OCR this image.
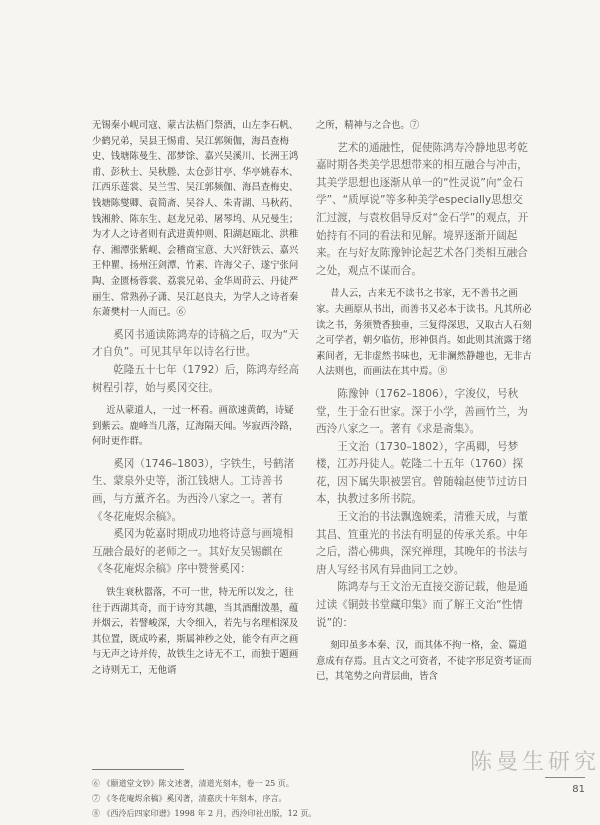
无锡秦小岘司寇、蒙古法梧门祭酒，山左李石帆、少鹤兄弟，吴县王惕甫、吴江郭频伽，海昌查梅史、钱塘陈曼生、邵梦馀、嘉兴吴溪川、长洲王鸿甫、彭秋士、吴秋塍、太仓彭甘亭、华亭姚春木、江西乐莲裳、吴兰雪、吴江郭频伽、海昌查梅史、钱塘陈燮卿、袁简斋、吴谷人、朱青湖、马秋药、钱湘舲、陈东生、赵龙兄弟、屠琴坞、从兄曼生；为才人之诗者则有武进黄仲则、阳湖赵瓯北、洪稚存、湘潭张紫岘、会稽商宝意、大兴舒铁云、嘉兴王仲瞿、扬州汪剑潭、竹素、许海父子、遂宁张问陶、金匮杨蓉裳、荔裳兄弟、金华周莳云、丹徒严丽生、常熟孙子潇、吴江赵良夫，为学人之诗者秦东萧樊村一人而已。⑥

奚冈书通读陈鸿寿的诗稿之后，叹为“天才自负”。可见其早年以诗名行世。

乾隆五十七年（1792）后，陈鸿寿经高树程引荐，始与奚冈交往。

近从蒙道人，一过一杯看。画欲速黄鹤，诗疑到紫云。鹿峰当几落，辽海隔天闻。岑寂西泠路，何时更作群。

奚冈（1746–1803），字铁生，号鹤渚生、蒙泉外史等，浙江钱塘人。工诗善书画，与方薰齐名。为西泠八家之一。著有《冬花庵烬余稿》。

奚冈为乾嘉时期成功地将诗意与画境相互融合最好的老师之一。其好友吴锡麒在《冬花庵烬余稿》序中赞誉奚冈：

铁生衰秋嚣落，不可一世，特无所以发之，往往于西湖其奇，而于诗穷其趣，当其酒酣泼墨，蕴并烟云，若譬峻深，大令细入，若先与名理相深及其位置，既成吟素，斯属神秒之处，能令有声之画与无声之诗并传，故铁生之诗无不工，而独于题画之诗则无工，无他谞

之所，精神与之合也。⑦

艺术的通融性，促使陈鸿寿冷静地思考乾嘉时期各类美学思想带来的相互融合与冲击，其美学思想也逐渐从单一的“性灵说”向“金石学”、“质厚说”等多种美学especially思想交汇过渡，与袁枚倡导反对“金石学”的观点，开始持有不同的看法和见解。境界逐渐开阔起来。在与好友陈豫钟论起艺术各门类相互融合之处，观点不谋而合。

昔人云，古来无不读书之书家，无不善书之画家。夫画原从书出，而善书又必本于读书。凡其所必读之书，务须赞香独垂，三复得深思，又取古人石刻之可学者，朝夕临仿，形神俱肖。如此则其流露于绪素间者，无非虚然书味也，无非澜然静趣也，无非古人法则也，而画法在其中焉。⑧

陈豫钟（1762–1806），字浚仪，号秋堂，生于金石世家。深于小学，善画竹兰，为西泠八家之一。著有《求是斋集》。

王文治（1730–1802），字禹卿，号梦楼，江苏丹徒人。乾隆二十五年（1760）探花，因下属失职被罢官。曾随翰赵使节过访日本，执教过多所书院。

王文治的书法飘逸婉柔，清雅天成，与董其昌、笪重光的书法有明显的传承关系。中年之后，潜心佛典，深究禅理，其晚年的书法与唐人写经书风有异曲同工之妙。

陈鸿寿与王文治无直接交游记载，他是通过读《铜鼓书堂藏印集》而了解王文治“性情说”的：

刻印虽多本秦、汉，而其体不拘一格，金、篇道意成有存焉。且古文之可资者，不徒字形足资考证而已，其笔势之向背层曲，皆含

⑥ 《颐道堂文钞》陈文述著，清道光刻本，卷一 25 页。

⑦ 《冬花庵烬余稿》奚冈著，清嘉庆十年刻本，序言。

⑧ 《西泠后四家印谱》1998 年 2 月，西泠印社出版，12 页。

陈曼生研究
81
